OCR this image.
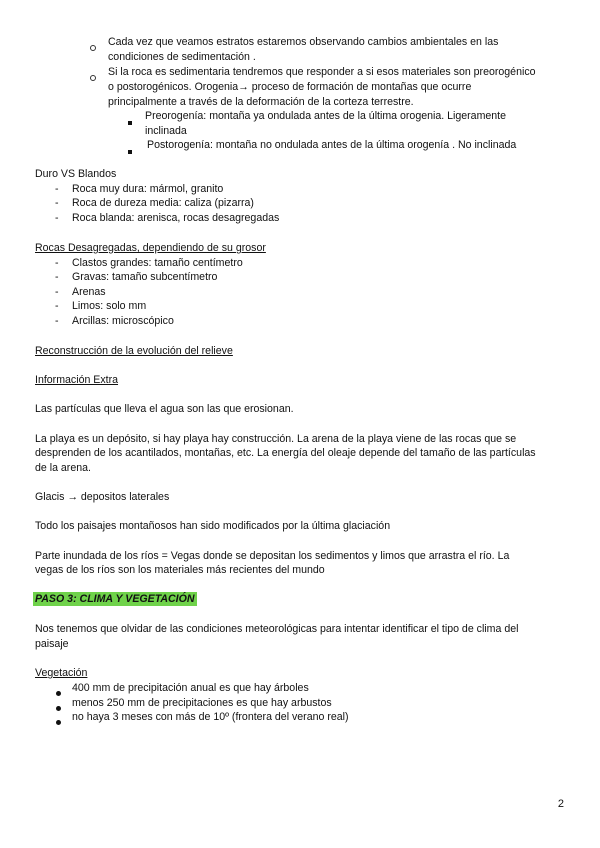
Cada vez que veamos estratos estaremos observando cambios ambientales en las
condiciones de sedimentación .
Si la roca es sedimentaria tendremos que responder a si esos materiales son preorogénico
o postorogénicos. Orogenia→ proceso de formación de montañas que ocurre
principalmente a través de la deformación de la corteza terrestre.
Preorogenía: montaña ya ondulada antes de la última orogenia. Ligeramente
inclinada
Postorogenía: montaña no ondulada antes de la última orogenía . No inclinada
Duro VS Blandos
- Roca muy dura: mármol, granito
- Roca de dureza media: caliza (pizarra)
- Roca blanda: arenisca, rocas desagregadas
Rocas Desagregadas, dependiendo de su grosor
- Clastos grandes: tamaño centímetro
- Gravas: tamaño subcentímetro
- Arenas
- Limos: solo mm
- Arcillas: microscópico
Reconstrucción de la evolución del relieve
Información Extra
Las partículas que lleva el agua son las que erosionan.
La playa es un depósito, si hay playa hay construcción. La arena de la playa viene de las rocas que se
desprenden de los acantilados, montañas, etc. La energía del oleaje depende del tamaño de las partículas
de la arena.
Glacis → depositos laterales
Todo los paisajes montañosos han sido modificados por la última glaciación
Parte inundada de los ríos = Vegas donde se depositan los sedimentos y limos que arrastra el río. La
vegas de los ríos son los materiales más recientes del mundo
PASO 3: CLIMA Y VEGETACIÓN
Nos tenemos que olvidar de las condiciones meteorológicas para intentar identificar el tipo de clima del
paisaje
Vegetación
400 mm de precipitación anual es que hay árboles
menos 250 mm de precipitaciones es que hay arbustos
no haya 3 meses con más de 10º (frontera del verano real)
2
